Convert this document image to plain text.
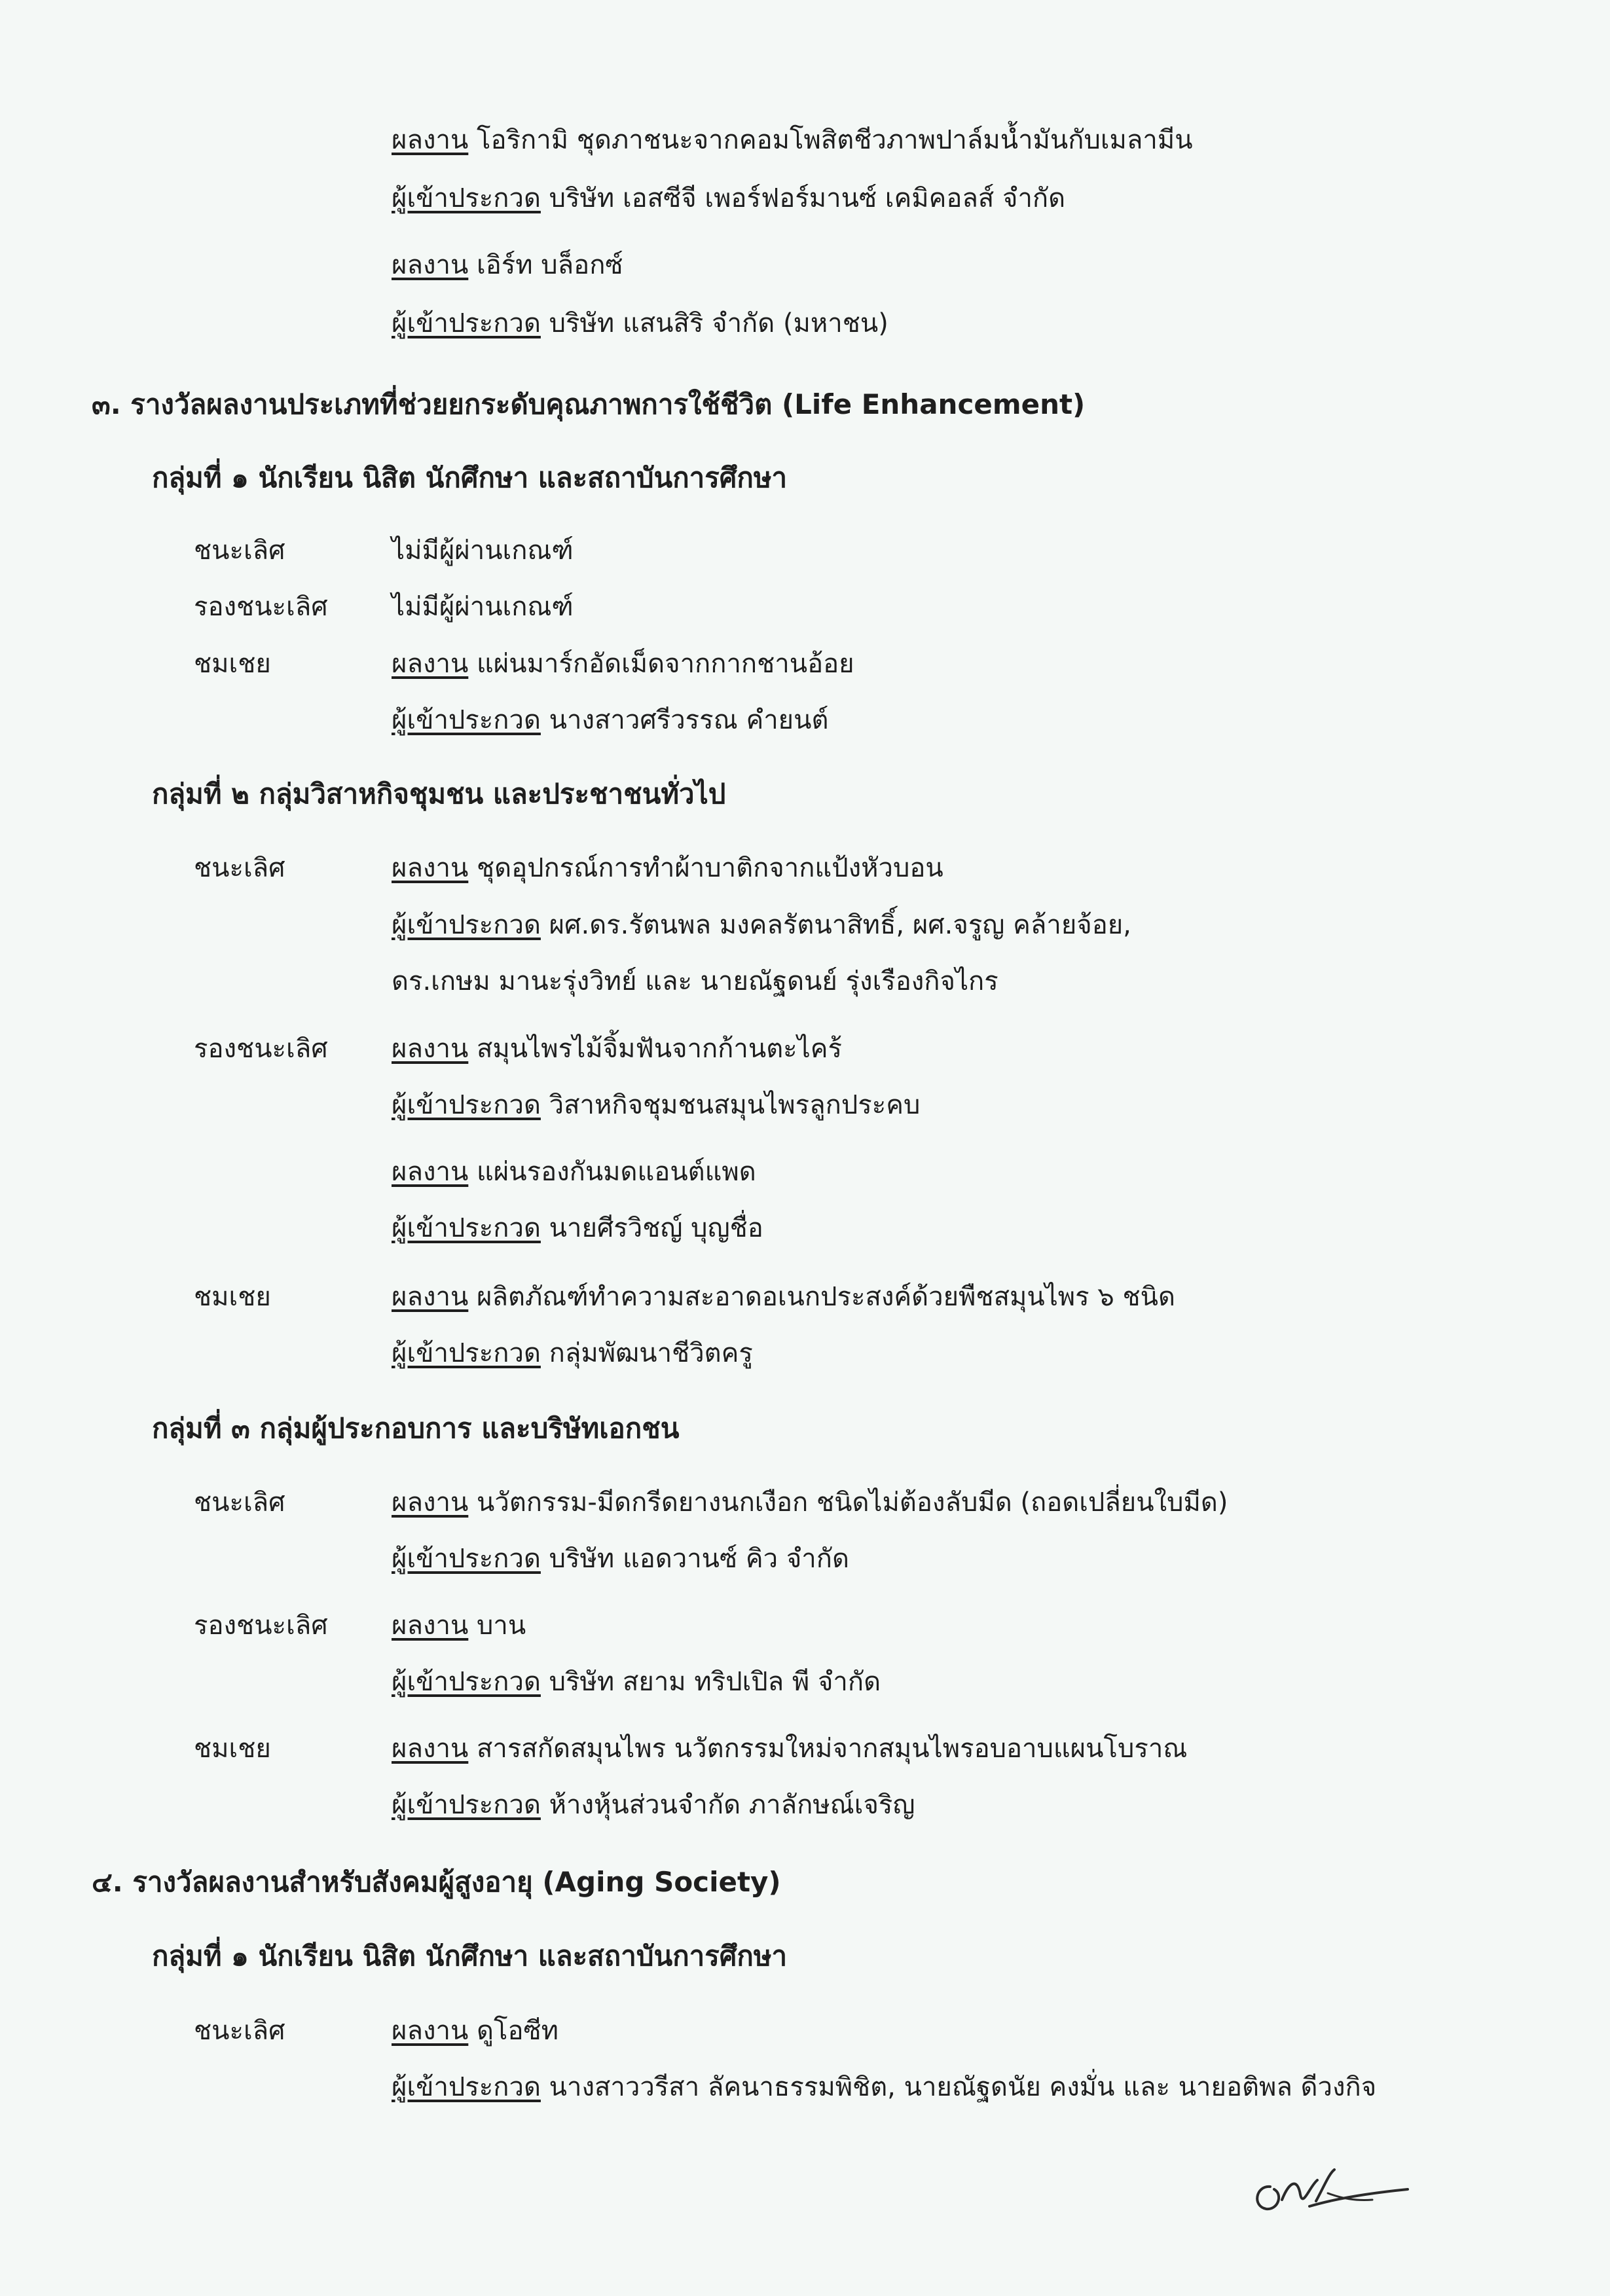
ผลงาน โอริกามิ ชุดภาชนะจากคอมโพสิตชีวภาพปาล์มน้ำมันกับเมลามีน
ผู้เข้าประกวด บริษัท เอสซีจี เพอร์ฟอร์มานซ์ เคมิคอลส์ จำกัด
ผลงาน เอิร์ท บล็อกซ์
ผู้เข้าประกวด บริษัท แสนสิริ จำกัด (มหาชน)
๓. รางวัลผลงานประเภทที่ช่วยยกระดับคุณภาพการใช้ชีวิต (Life Enhancement)
กลุ่มที่ ๑ นักเรียน นิสิต นักศึกษา และสถาบันการศึกษา
ชนะเลิศ	ไม่มีผู้ผ่านเกณฑ์
รองชนะเลิศ ไม่มีผู้ผ่านเกณฑ์
ชมเชย	ผลงาน แผ่นมาร์กอัดเม็ดจากกากชานอ้อย
ผู้เข้าประกวด นางสาวศรีวรรณ คำยนต์
กลุ่มที่ ๒ กลุ่มวิสาหกิจชุมชน และประชาชนทั่วไป
ชนะเลิศ	ผลงาน ชุดอุปกรณ์การทำผ้าบาติกจากแป้งหัวบอน
ผู้เข้าประกวด ผศ.ดร.รัตนพล มงคลรัตนาสิทธิ์, ผศ.จรูญ คล้ายจ้อย,
ดร.เกษม มานะรุ่งวิทย์ และ นายณัฐดนย์ รุ่งเรืองกิจไกร
รองชนะเลิศ ผลงาน สมุนไพรไม้จิ้มฟันจากก้านตะไคร้
ผู้เข้าประกวด วิสาหกิจชุมชนสมุนไพรลูกประคบ
ผลงาน แผ่นรองกันมดแอนต์แพด
ผู้เข้าประกวด นายศีรวิชญ์ บุญชื่อ
ชมเชย	ผลงาน ผลิตภัณฑ์ทำความสะอาดอเนกประสงค์ด้วยพืชสมุนไพร ๖ ชนิด
ผู้เข้าประกวด กลุ่มพัฒนาชีวิตครู
กลุ่มที่ ๓ กลุ่มผู้ประกอบการ และบริษัทเอกชน
ชนะเลิศ	ผลงาน นวัตกรรม-มีดกรีดยางนกเงือก ชนิดไม่ต้องลับมีด (ถอดเปลี่ยนใบมีด)
ผู้เข้าประกวด บริษัท แอดวานซ์ คิว จำกัด
รองชนะเลิศ ผลงาน บาน
ผู้เข้าประกวด บริษัท สยาม ทริปเปิล พี จำกัด
ชมเชย	ผลงาน สารสกัดสมุนไพร นวัตกรรมใหม่จากสมุนไพรอบอาบแผนโบราณ
ผู้เข้าประกวด ห้างหุ้นส่วนจำกัด ภาลักษณ์เจริญ
๔. รางวัลผลงานสำหรับสังคมผู้สูงอายุ (Aging Society)
กลุ่มที่ ๑ นักเรียน นิสิต นักศึกษา และสถาบันการศึกษา
ชนะเลิศ	ผลงาน ดูโอซีท
ผู้เข้าประกวด นางสาววรีสา ลัคนาธรรมพิชิต, นายณัฐดนัย คงมั่น และ นายอติพล ดีวงกิจ
